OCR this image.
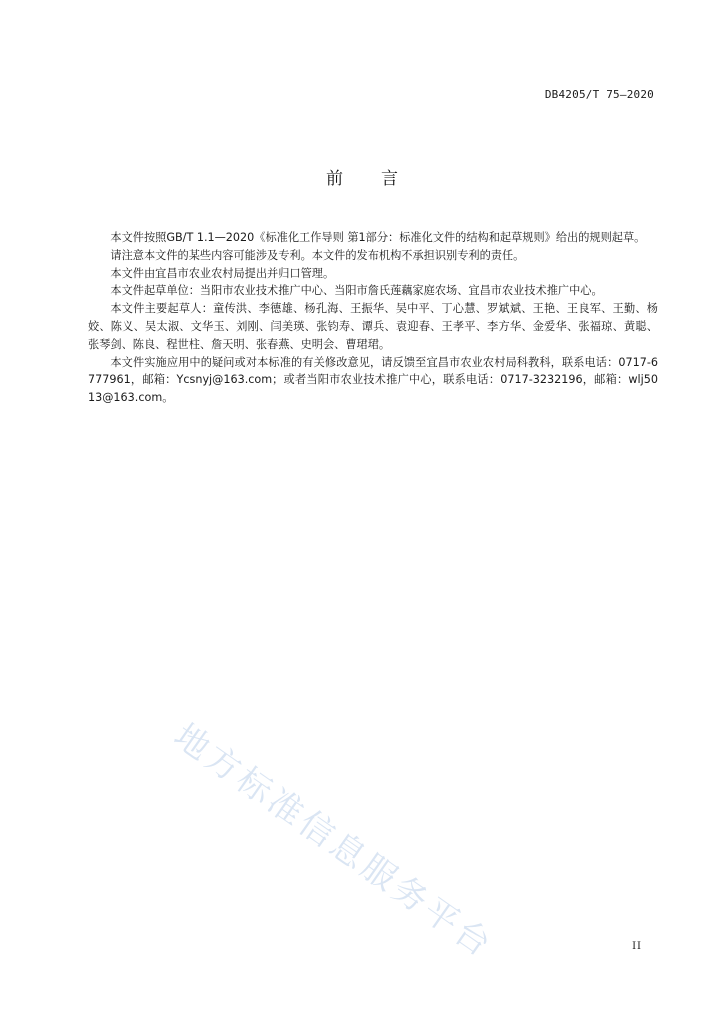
DB4205/T 75—2020
前言

本文件按照GB/T 1.1—2020《标准化工作导则 第1部分：标准化文件的结构和起草规则》给出的规则起草。

请注意本文件的某些内容可能涉及专利。本文件的发布机构不承担识别专利的责任。

本文件由宜昌市农业农村局提出并归口管理。

本文件起草单位：当阳市农业技术推广中心、当阳市詹氏莲藕家庭农场、宜昌市农业技术推广中心。

本文件主要起草人：童传洪、李德雄、杨孔海、王振华、吴中平、丁心慧、罗斌斌、王艳、王良军、王勤、杨姣、陈义、吴太淑、文华玉、刘刚、闫美瑛、张钧寿、谭兵、袁迎春、王孝平、李方华、金爱华、张福琼、黄聪、张琴剑、陈良、程世柱、詹天明、张春燕、史明会、曹珺珺。

本文件实施应用中的疑问或对本标准的有关修改意见，请反馈至宜昌市农业农村局科教科，联系电话：0717-6777961，邮箱：Ycsnyj@163.com；或者当阳市农业技术推广中心，联系电话：0717-3232196，邮箱：wlj5013@163.com。

地方标准信息服务平台	II
